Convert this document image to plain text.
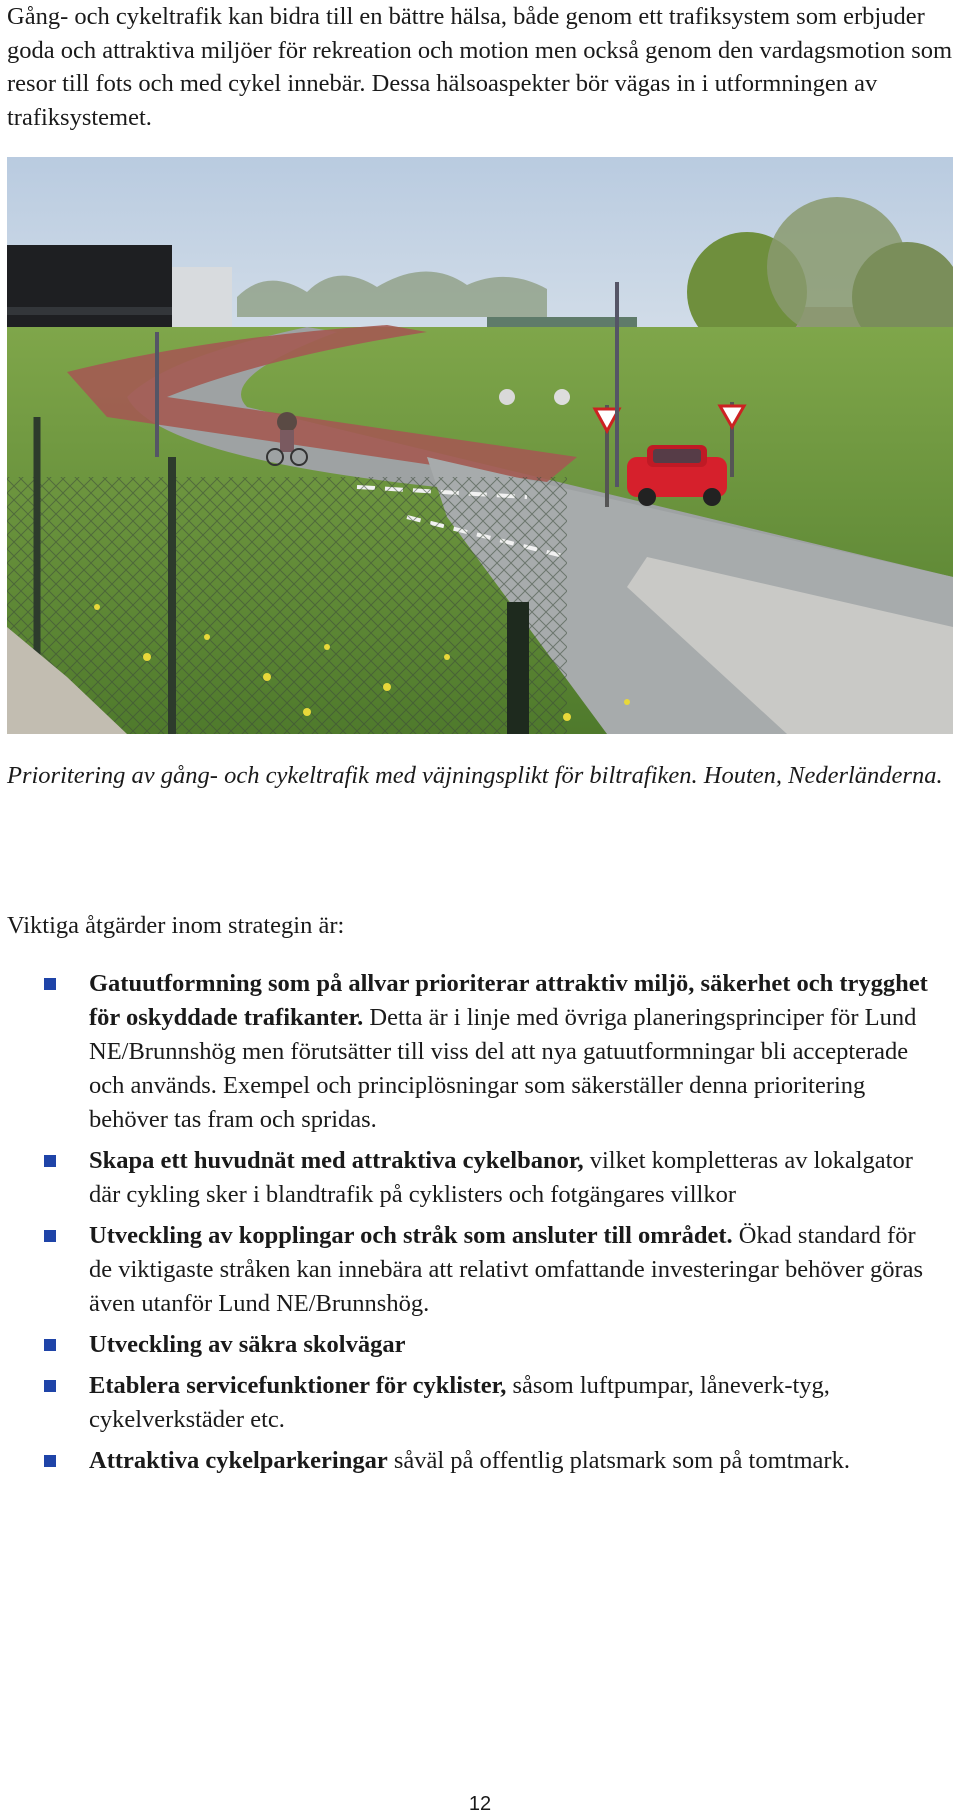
Gång- och cykeltrafik kan bidra till en bättre hälsa, både genom ett trafiksystem som erbjuder goda och attraktiva miljöer för rekreation och motion men också genom den vardagsmotion som resor till fots och med cykel innebär. Dessa hälsoaspekter bör vägas in i utformningen av trafiksystemet.

Prioritering av gång- och cykeltrafik med väjningsplikt för biltrafiken. Houten, Nederländerna.

Viktiga åtgärder inom strategin är:

Gatuutformning som på allvar prioriterar attraktiv miljö, säkerhet och trygghet för oskyddade trafikanter. Detta är i linje med övriga planeringsprinciper för Lund NE/Brunnshög men förutsätter till viss del att nya gatuutformningar bli accepterade och används. Exempel och principlösningar som säkerställer denna prioritering behöver tas fram och spridas.
Skapa ett huvudnät med attraktiva cykelbanor, vilket kompletteras av lokalgator där cykling sker i blandtrafik på cyklisters och fotgängares villkor
Utveckling av kopplingar och stråk som ansluter till området. Ökad standard för de viktigaste stråken kan innebära att relativt omfattande investeringar behöver göras även utanför Lund NE/Brunnshög.
Utveckling av säkra skolvägar
Etablera servicefunktioner för cyklister, såsom luftpumpar, låneverk-tyg, cykelverkstäder etc.
Attraktiva cykelparkeringar såväl på offentlig platsmark som på tomtmark.
12
